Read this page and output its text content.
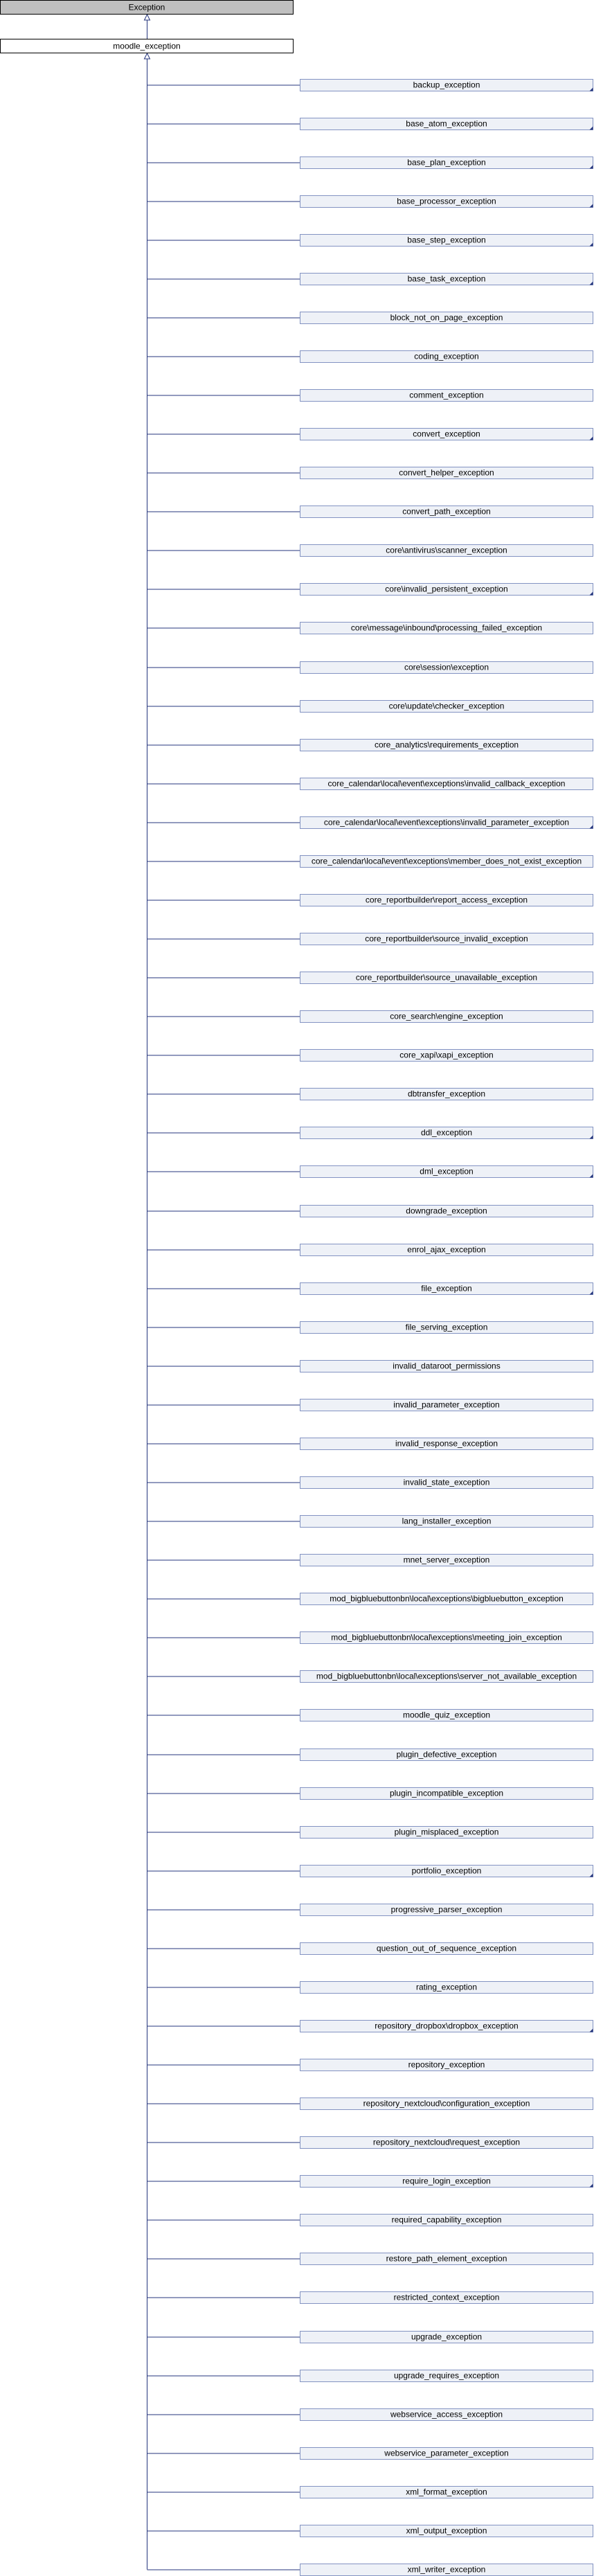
Exception
moodle_exception
backup_exception
base_atom_exception
base_plan_exception
base_processor_exception
base_step_exception
base_task_exception
block_not_on_page_exception
coding_exception
comment_exception
convert_exception
convert_helper_exception
convert_path_exception
core\antivirus\scanner_exception
core\invalid_persistent_exception
core\message\inbound\processing_failed_exception
core\session\exception
core\update\checker_exception
core_analytics\requirements_exception
core_calendar\local\event\exceptions\invalid_callback_exception
core_calendar\local\event\exceptions\invalid_parameter_exception
core_calendar\local\event\exceptions\member_does_not_exist_exception
core_reportbuilder\report_access_exception
core_reportbuilder\source_invalid_exception
core_reportbuilder\source_unavailable_exception
core_search\engine_exception
core_xapi\xapi_exception
dbtransfer_exception
ddl_exception
dml_exception
downgrade_exception
enrol_ajax_exception
file_exception
file_serving_exception
invalid_dataroot_permissions
invalid_parameter_exception
invalid_response_exception
invalid_state_exception
lang_installer_exception
mnet_server_exception
mod_bigbluebuttonbn\local\exceptions\bigbluebutton_exception
mod_bigbluebuttonbn\local\exceptions\meeting_join_exception
mod_bigbluebuttonbn\local\exceptions\server_not_available_exception
moodle_quiz_exception
plugin_defective_exception
plugin_incompatible_exception
plugin_misplaced_exception
portfolio_exception
progressive_parser_exception
question_out_of_sequence_exception
rating_exception
repository_dropbox\dropbox_exception
repository_exception
repository_nextcloud\configuration_exception
repository_nextcloud\request_exception
require_login_exception
required_capability_exception
restore_path_element_exception
restricted_context_exception
upgrade_exception
upgrade_requires_exception
webservice_access_exception
webservice_parameter_exception
xml_format_exception
xml_output_exception
xml_writer_exception
